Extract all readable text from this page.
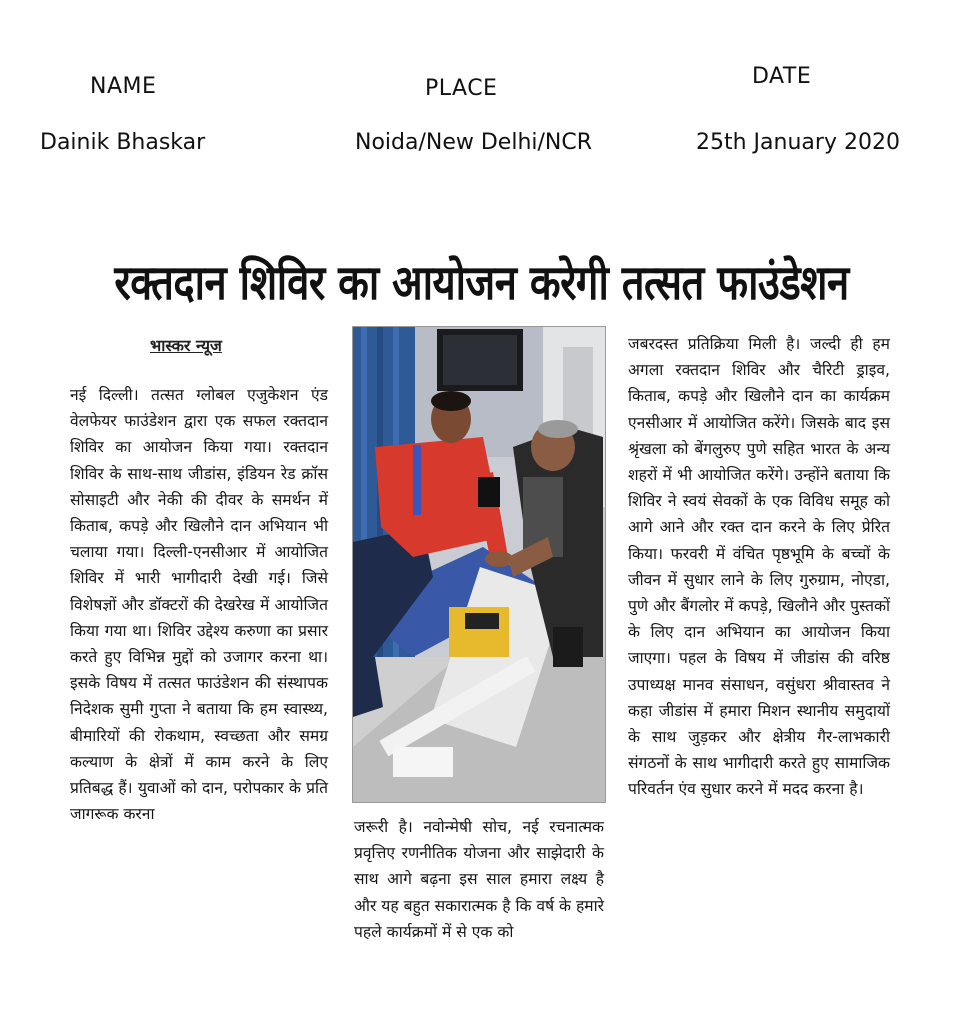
NAME	PLACE	DATE
Dainik Bhaskar	Noida/New Delhi/NCR	25th January 2020
रक्तदान शिविर का आयोजन करेगी तत्सत फाउंडेशन
भास्कर न्यूज

नई दिल्ली। तत्सत ग्लोबल एजुकेशन एंड वेलफेयर फाउंडेशन द्वारा एक सफल रक्तदान शिविर का आयोजन किया गया। रक्तदान शिविर के साथ-साथ जीडांस, इंडियन रेड क्रॉस सोसाइटी और नेकी की दीवर के समर्थन में किताब, कपड़े और खिलौने दान अभियान भी चलाया गया। दिल्ली-एनसीआर में आयोजित शिविर में भारी भागीदारी देखी गई। जिसे विशेषज्ञों और डॉक्टरों की देखरेख में आयोजित किया गया था। शिविर उद्देश्य करुणा का प्रसार करते हुए विभिन्न मुद्दों को उजागर करना था। इसके विषय में तत्सत फाउंडेशन की संस्थापक निदेशक सुमी गुप्ता ने बताया कि हम स्वास्थ्य, बीमारियों की रोकथाम, स्वच्छता और समग्र कल्याण के क्षेत्रों में काम करने के लिए प्रतिबद्ध हैं। युवाओं को दान, परोपकार के प्रति जागरूक करना

जरूरी है। नवोन्मेषी सोच, नई रचनात्मक प्रवृत्तिए रणनीतिक योजना और साझेदारी के साथ आगे बढ़ना इस साल हमारा लक्ष्य है और यह बहुत सकारात्मक है कि वर्ष के हमारे पहले कार्यक्रमों में से एक को

जबरदस्त प्रतिक्रिया मिली है। जल्दी ही हम अगला रक्तदान शिविर और चैरिटी ड्राइव, किताब, कपड़े और खिलौने दान का कार्यक्रम एनसीआर में आयोजित करेंगे। जिसके बाद इस श्रृंखला को बेंगलुरुए पुणे सहित भारत के अन्य शहरों में भी आयोजित करेंगे। उन्होंने बताया कि शिविर ने स्वयं सेवकों के एक विविध समूह को आगे आने और रक्त दान करने के लिए प्रेरित किया। फरवरी में वंचित पृष्ठभूमि के बच्चों के जीवन में सुधार लाने के लिए गुरुग्राम, नोएडा, पुणे और बैंगलोर में कपड़े, खिलौने और पुस्तकों के लिए दान अभियान का आयोजन किया जाएगा। पहल के विषय में जीडांस की वरिष्ठ उपाध्यक्ष मानव संसाधन, वसुंधरा श्रीवास्तव ने कहा जीडांस में हमारा मिशन स्थानीय समुदायों के साथ जुड़कर और क्षेत्रीय गैर-लाभकारी संगठनों के साथ भागीदारी करते हुए सामाजिक परिवर्तन एंव सुधार करने में मदद करना है।
